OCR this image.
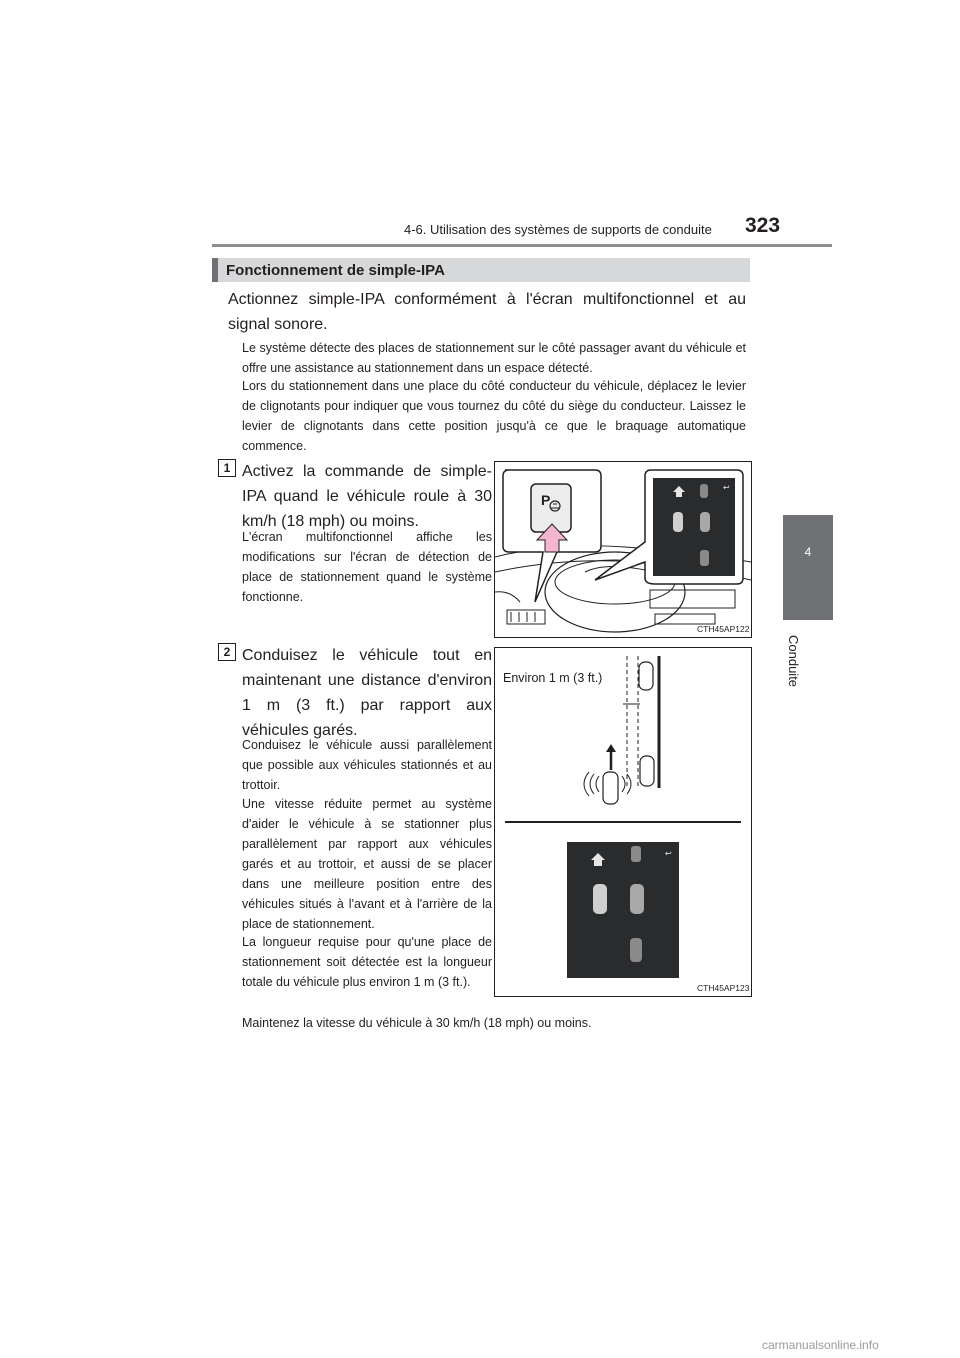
4-6. Utilisation des systèmes de supports de conduite 323
4
Conduite
Fonctionnement de simple-IPA
Actionnez simple-IPA conformément à l'écran multifonctionnel et au signal sonore.
Le système détecte des places de stationnement sur le côté passager avant du véhicule et offre une assistance au stationnement dans un espace détecté.
Lors du stationnement dans une place du côté conducteur du véhicule, déplacez le levier de clignotants pour indiquer que vous tournez du côté du siège du conducteur. Laissez le levier de clignotants dans cette position jusqu'à ce que le braquage automatique commence.
1 Activez la commande de simple-IPA quand le véhicule roule à 30 km/h (18 mph) ou moins.
L'écran multifonctionnel affiche les modifications sur l'écran de détection de place de stationnement quand le système fonctionne.
P
↩
CTH45AP122
2 Conduisez le véhicule tout en maintenant une distance d'environ 1 m (3 ft.) par rapport aux véhicules garés.
Conduisez le véhicule aussi parallèlement que possible aux véhicules stationnés et au trottoir.
Une vitesse réduite permet au système d'aider le véhicule à se stationner plus parallèlement par rapport aux véhicules garés et au trottoir, et aussi de se placer dans une meilleure position entre des véhicules situés à l'avant et à l'arrière de la place de stationnement.
La longueur requise pour qu'une place de stationnement soit détectée est la longueur totale du véhicule plus environ 1 m (3 ft.).
Environ 1 m (3 ft.)
↩
CTH45AP123
Maintenez la vitesse du véhicule à 30 km/h (18 mph) ou moins.
carmanualsonline.info
